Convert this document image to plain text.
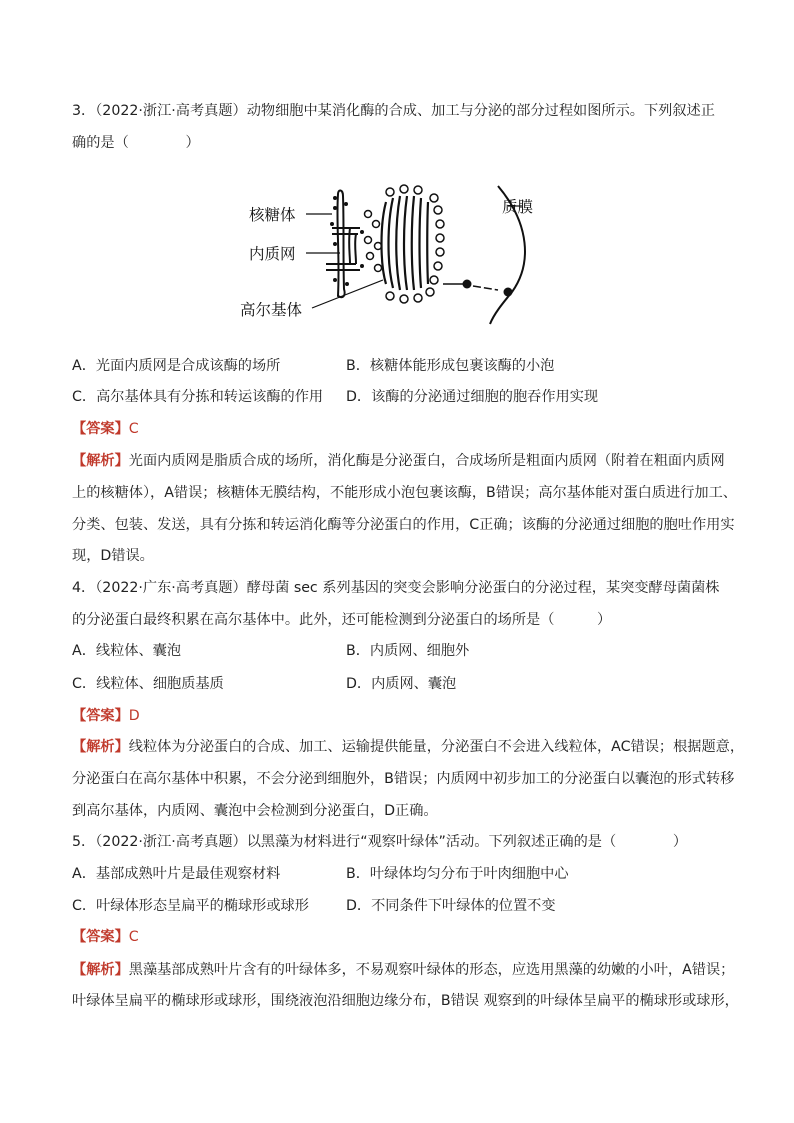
3．（2022·浙江·高考真题）动物细胞中某消化酶的合成、加工与分泌的部分过程如图所示。下列叙述正
确的是（　　　　）
核糖体
内质网
高尔基体
质膜
A．光面内质网是合成该酶的场所	B．核糖体能形成包裹该酶的小泡
C．高尔基体具有分拣和转运该酶的作用 D．该酶的分泌通过细胞的胞吞作用实现
【答案】C
【解析】光面内质网是脂质合成的场所，消化酶是分泌蛋白，合成场所是粗面内质网（附着在粗面内质网
上的核糖体），A错误；核糖体无膜结构，不能形成小泡包裹该酶，B错误；高尔基体能对蛋白质进行加工、
分类、包装、发送，具有分拣和转运消化酶等分泌蛋白的作用，C正确；该酶的分泌通过细胞的胞吐作用实
现，D错误。
4．（2022·广东·高考真题）酵母菌 sec 系列基因的突变会影响分泌蛋白的分泌过程，某突变酵母菌菌株
的分泌蛋白最终积累在高尔基体中。此外，还可能检测到分泌蛋白的场所是（　　　）
A．线粒体、囊泡	B．内质网、细胞外
C．线粒体、细胞质基质	D．内质网、囊泡
【答案】D
【解析】线粒体为分泌蛋白的合成、加工、运输提供能量，分泌蛋白不会进入线粒体，AC错误；根据题意，
分泌蛋白在高尔基体中积累，不会分泌到细胞外，B错误；内质网中初步加工的分泌蛋白以囊泡的形式转移
到高尔基体，内质网、囊泡中会检测到分泌蛋白，D正确。
5．（2022·浙江·高考真题）以黑藻为材料进行“观察叶绿体”活动。下列叙述正确的是（　　　　）
A．基部成熟叶片是最佳观察材料	B．叶绿体均匀分布于叶肉细胞中心
C．叶绿体形态呈扁平的椭球形或球形	D．不同条件下叶绿体的位置不变
【答案】C
【解析】黑藻基部成熟叶片含有的叶绿体多，不易观察叶绿体的形态，应选用黑藻的幼嫩的小叶，A错误；
叶绿体呈扁平的椭球形或球形，围绕液泡沿细胞边缘分布，B错误 观察到的叶绿体呈扁平的椭球形或球形，
